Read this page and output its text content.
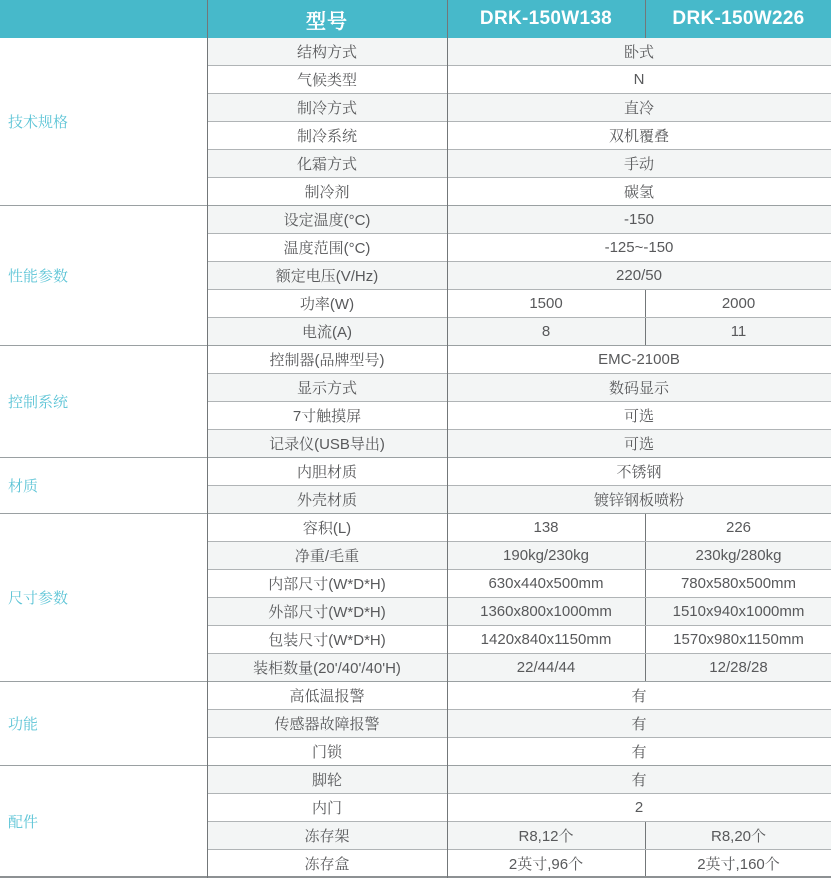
型号	DRK-150W138	DRK-150W226
技术规格
结构方式	卧式
气候类型	N
制冷方式	直冷
制冷系统	双机覆叠
化霜方式	手动
制冷剂	碳氢
性能参数
设定温度(°C)	-150
温度范围(°C)	-125~-150
额定电压(V/Hz)	220/50
功率(W)	1500	2000
电流(A)	8	11
控制系统
控制器(品牌型号)	EMC-2100B
显示方式	数码显示
7寸触摸屏	可选
记录仪(USB导出)	可选
材质
内胆材质	不锈钢
外壳材质	镀锌钢板喷粉
尺寸参数
容积(L)	138	226
净重/毛重	190kg/230kg	230kg/280kg
内部尺寸(W*D*H)	630x440x500mm	780x580x500mm
外部尺寸(W*D*H)	1360x800x1000mm	1510x940x1000mm
包装尺寸(W*D*H)	1420x840x1150mm	1570x980x1150mm
装柜数量(20'/40'/40'H)	22/44/44	12/28/28
功能
高低温报警	有
传感器故障报警	有
门锁	有
配件
脚轮	有
内门	2
冻存架	R8,12个	R8,20个
冻存盒	2英寸,96个	2英寸,160个
